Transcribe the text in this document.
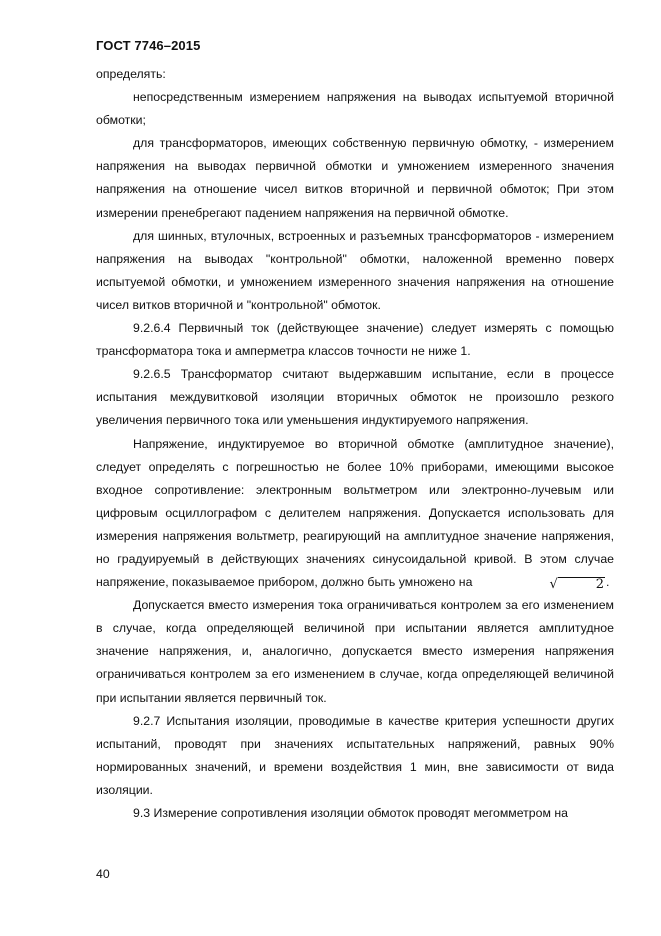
ГОСТ 7746–2015

определять:

непосредственным измерением напряжения на выводах испытуемой вторичной обмотки;

для трансформаторов, имеющих собственную первичную обмотку, - измерением напряжения на выводах первичной обмотки и умножением измеренного значения напряжения на отношение чисел витков вторичной и первичной обмоток; При этом измерении пренебрегают падением напряжения на первичной обмотке.

для шинных, втулочных, встроенных и разъемных трансформаторов - измерением напряжения на выводах "контрольной" обмотки, наложенной временно поверх испытуемой обмотки, и умножением измеренного значения напряжения на отношение чисел витков вторичной и "контрольной" обмоток.

9.2.6.4 Первичный ток (действующее значение) следует измерять с помощью трансформатора тока и амперметра классов точности не ниже 1.

9.2.6.5 Трансформатор считают выдержавшим испытание, если в процессе испытания междувитковой изоляции вторичных обмоток не произошло резкого увеличения первичного тока или уменьшения индуктируемого напряжения.

Напряжение, индуктируемое во вторичной обмотке (амплитудное значение), следует определять с погрешностью не более 10% приборами, имеющими высокое входное сопротивление: электронным вольтметром или электронно-лучевым или цифровым осциллографом с делителем напряжения. Допускается использовать для измерения напряжения вольтметр, реагирующий на амплитудное значение напряжения, но градуируемый в действующих значениях синусоидальной кривой. В этом случае напряжение, показываемое прибором, должно быть умножено на	√	2 .

Допускается вместо измерения тока ограничиваться контролем за его изменением в случае, когда определяющей величиной при испытании является амплитудное значение напряжения, и, аналогично, допускается вместо измерения напряжения ограничиваться контролем за его изменением в случае, когда определяющей величиной при испытании является первичный ток.

9.2.7 Испытания изоляции, проводимые в качестве критерия успешности других испытаний, проводят при значениях испытательных напряжений, равных 90% нормированных значений, и времени воздействия 1 мин, вне зависимости от вида изоляции.

9.3 Измерение сопротивления изоляции обмоток проводят мегомметром на

40
